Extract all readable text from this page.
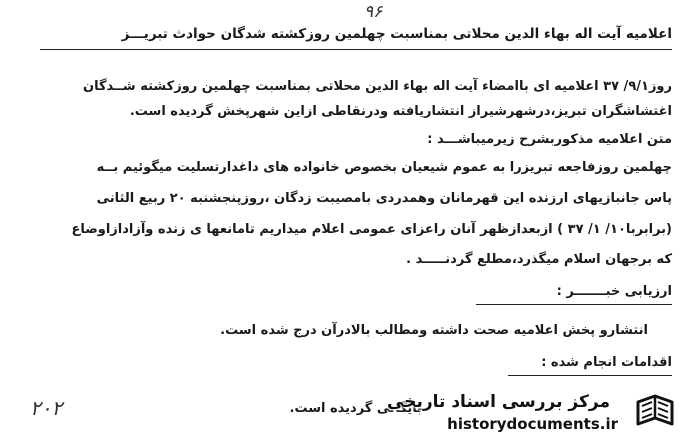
۹۶
اعلامیه آیت اله بهاء الدین محلاتی بمناسبت چهلمین روزکشته شدگان حوادث تبریـــز
روز۹/۱/ ۳۷ اعلامیه ای باامضاء آیت اله بهاء الدین محلاتی بمناسبت چهلمین روزکشته شــدگان
اغتشاشگران تبریز،درشهرشیراز انتشاریافته ودرنقاطی ازاین شهرپخش گردیده است.
متن اعلامیه مذکوربشرح زیرمیباشـــد :
چهلمین روزفاجعه تبریزرا به عموم شیعیان بخصوص خانواده های داغدارتسلیت میگوئیم بــه
پاس جانبازیهای ارزنده این قهرمانان وهمدردی بامصیبت زدگان ،روزپنجشنبه ۲۰ ربیع الثانی
(برابربا۱۰/ ۱/ ۳۷ ) ازبعدازظهر آنان راعزای عمومی اعلام میداریم تامانعها ی زنده وآزادازاوضاع
که برجهان اسلام میگذرد،مطلع گردنـــــد .
ارزیابی خبـــــــر :
انتشارو پخش اعلامیه صحت داشته ومطالب بالادرآن درج شده است.
اقدامات انجام شده :
بایگانی گردیده است.
۲۰۲	مرکز بررسی اسناد تاریخی
historydocuments.ir
